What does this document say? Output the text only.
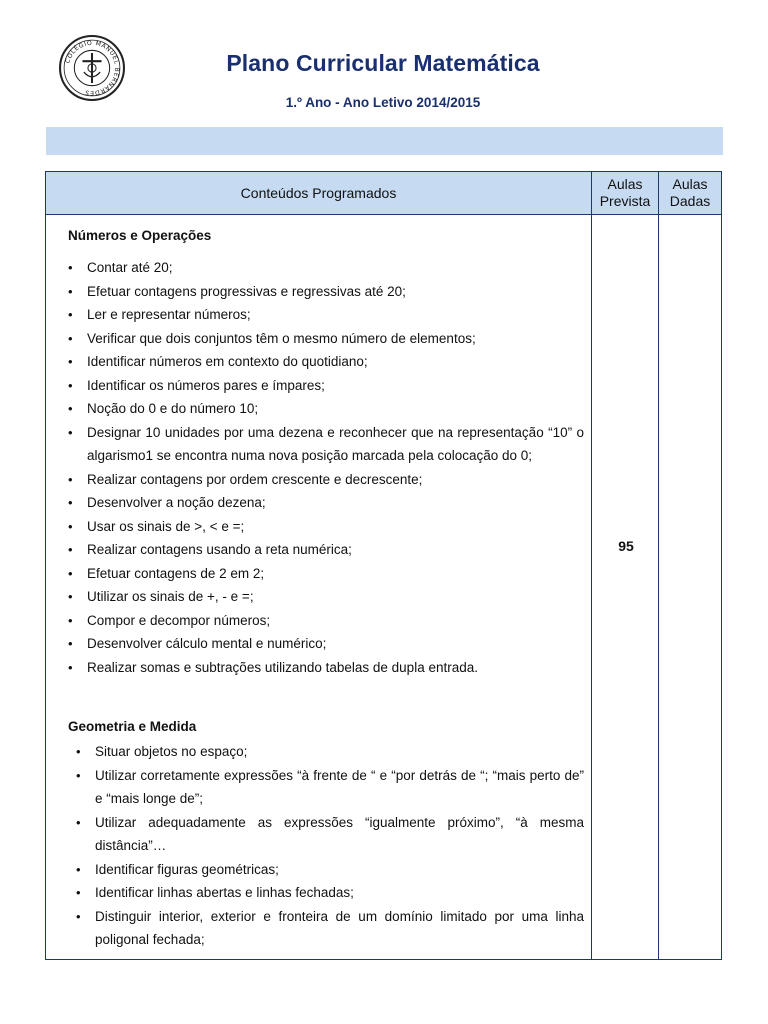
COLÉGIO MANUEL BERNARDES
Plano Curricular Matemática
1.º Ano - Ano Letivo 2014/2015
Conteúdos Programados
Aulas Prevista
Aulas Dadas
Números e Operações
• Contar até 20;
• Efetuar contagens progressivas e regressivas até 20;
• Ler e representar números;
• Verificar que dois conjuntos têm o mesmo número de elementos;
• Identificar números em contexto do quotidiano;
• Identificar os números pares e ímpares;
• Noção do 0 e do número 10;
• Designar 10 unidades por uma dezena e reconhecer que na representação “10” o algarismo1 se encontra numa nova posição marcada pela colocação do 0;
• Realizar contagens por ordem crescente e decrescente;
• Desenvolver a noção dezena;
• Usar os sinais de >, < e =;
• Realizar contagens usando a reta numérica;
• Efetuar contagens de 2 em 2;
• Utilizar os sinais de +, - e =;
• Compor e decompor números;
• Desenvolver cálculo mental e numérico;
• Realizar somas e subtrações utilizando tabelas de dupla entrada.
Geometria e Medida
• Situar objetos no espaço;
• Utilizar corretamente expressões “à frente de “ e “por detrás de “; “mais perto de” e “mais longe de”;
• Utilizar adequadamente as expressões “igualmente próximo”, “à mesma distância”…
• Identificar figuras geométricas;
• Identificar linhas abertas e linhas fechadas;
• Distinguir interior, exterior e fronteira de um domínio limitado por uma linha poligonal fechada;
95
